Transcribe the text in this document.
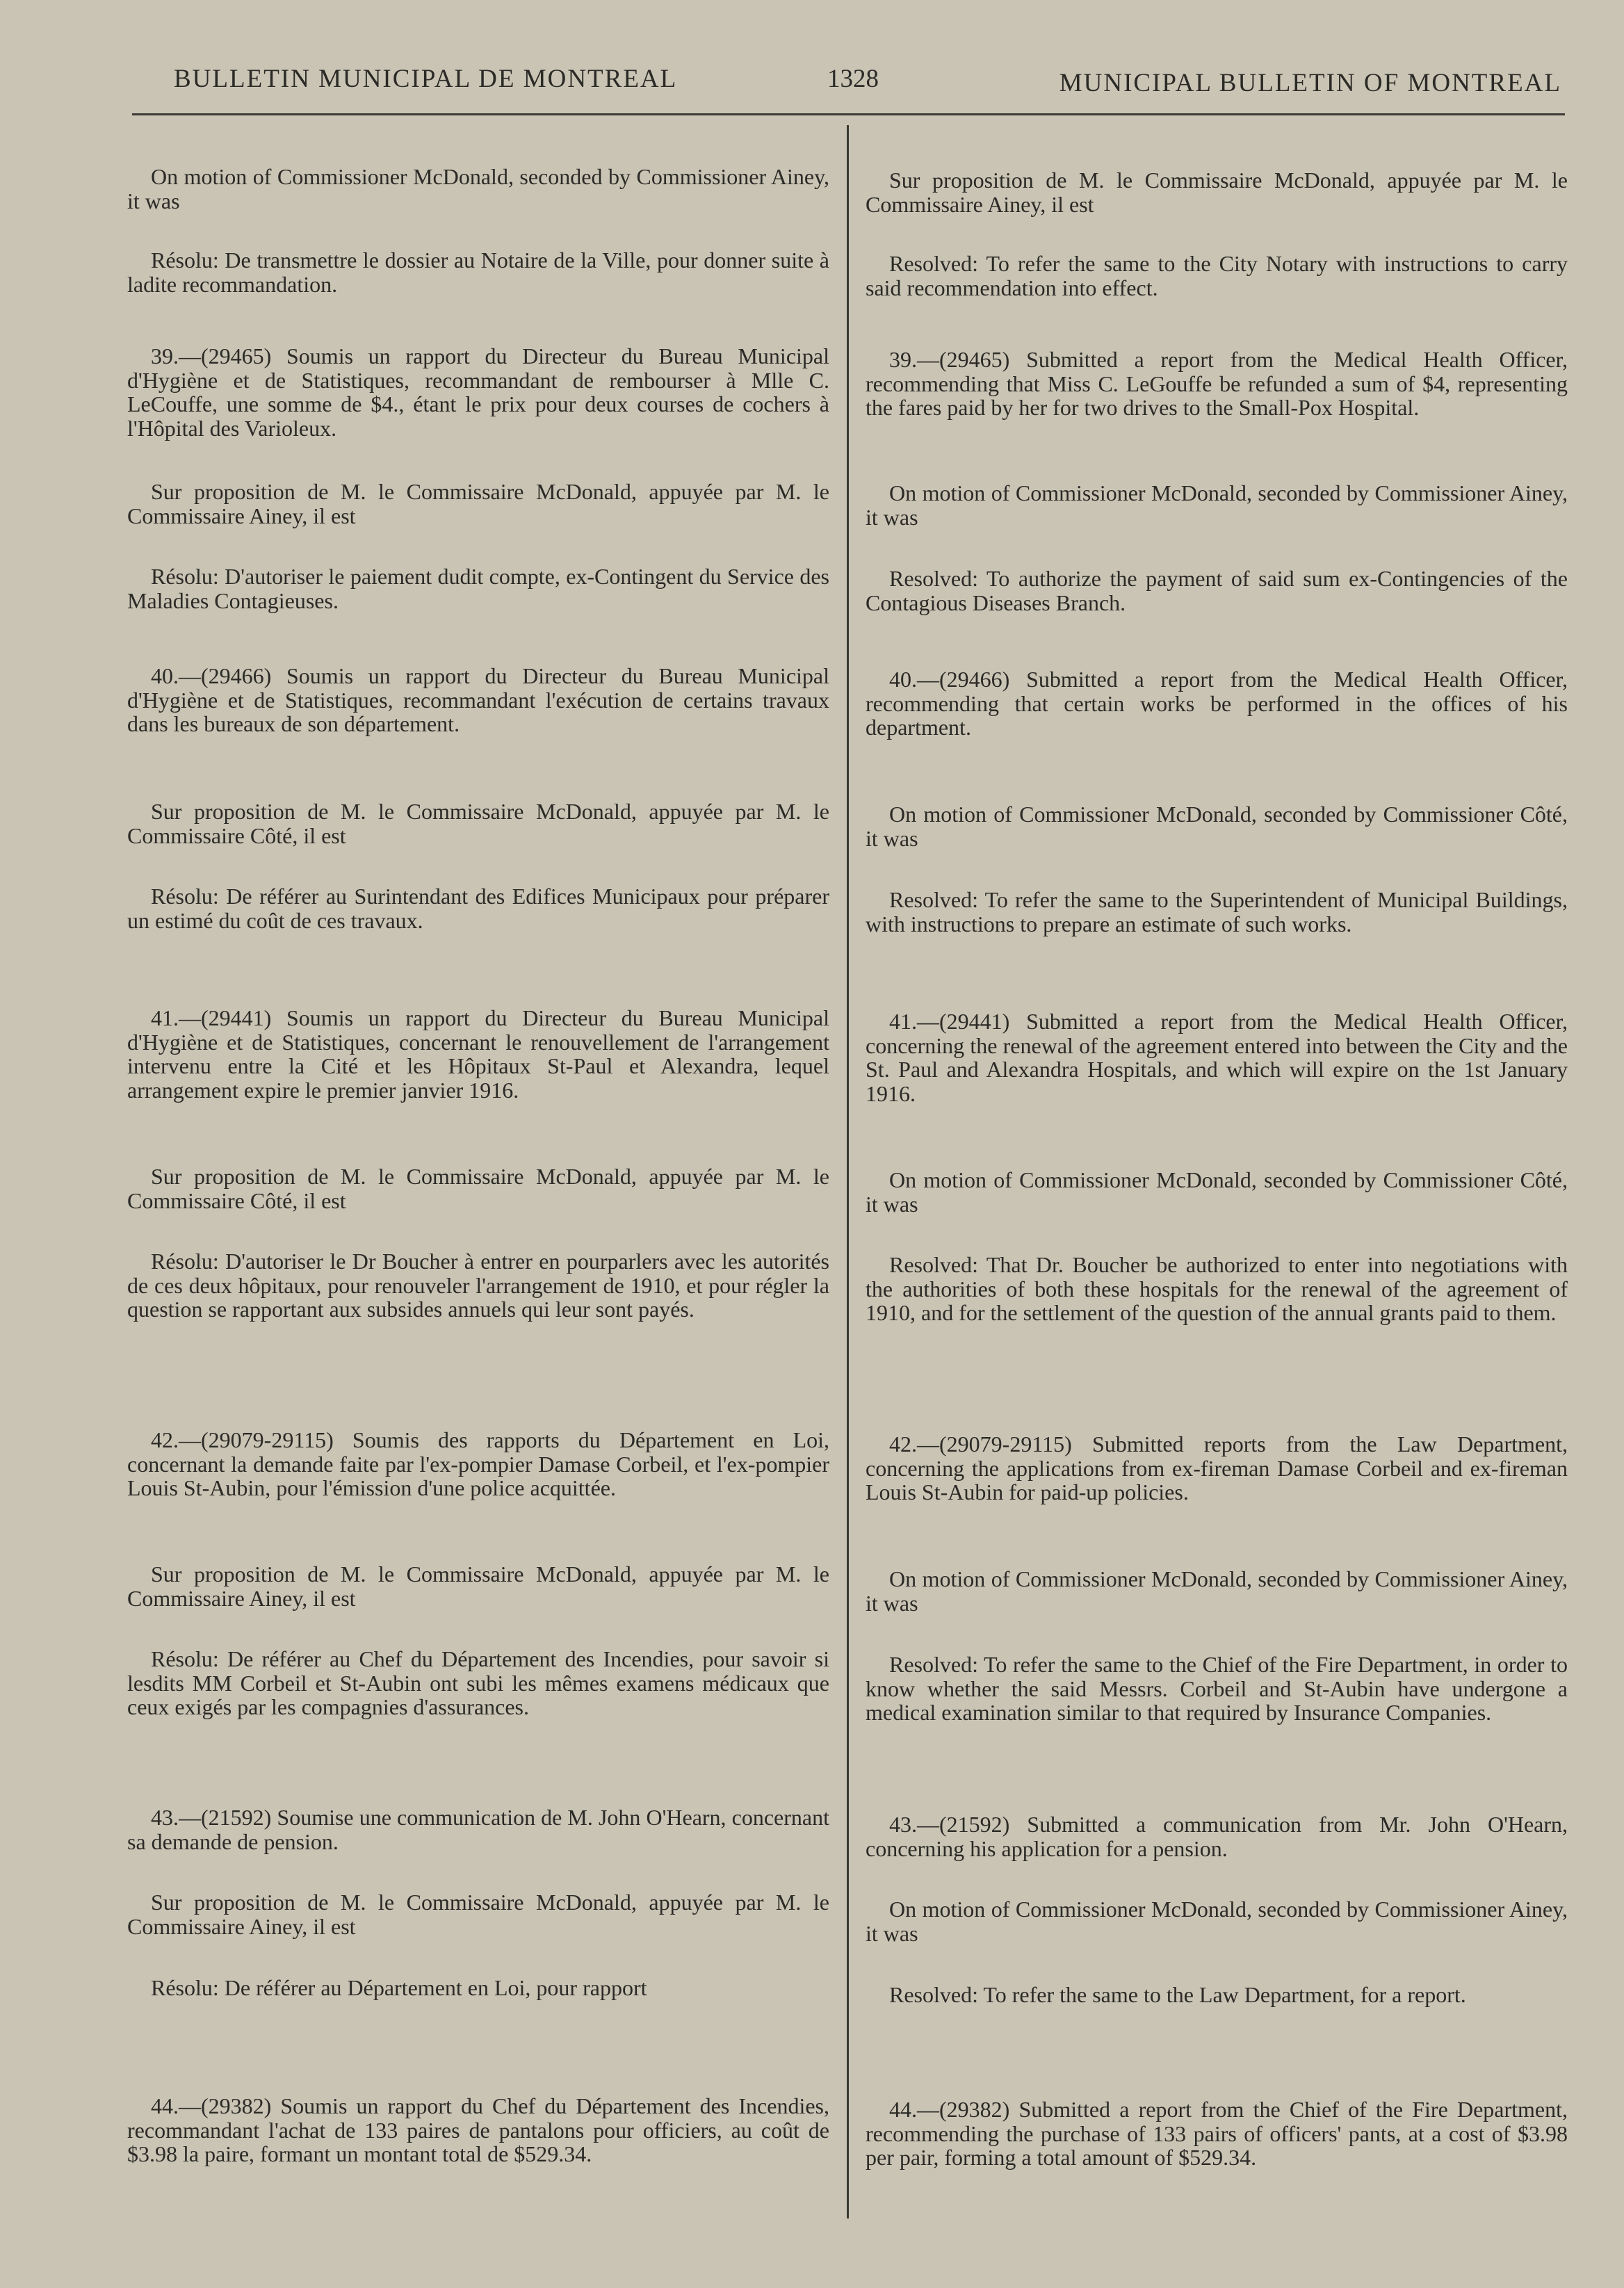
BULLETIN MUNICIPAL DE MONTREAL	1328	MUNICIPAL BULLETIN OF MONTREAL

On motion of Commissioner McDonald, seconded by Commissioner Ainey, it was

Résolu: De transmettre le dossier au Notaire de la Ville, pour donner suite à ladite recommandation.

39.—(29465) Soumis un rapport du Directeur du Bureau Municipal d'Hygiène et de Statistiques, recommandant de rembourser à Mlle C. LeCouffe, une somme de $4., étant le prix pour deux courses de cochers à l'Hôpital des Varioleux.

Sur proposition de M. le Commissaire McDonald, appuyée par M. le Commissaire Ainey, il est

Résolu: D'autoriser le paiement dudit compte, ex-Contingent du Service des Maladies Contagieuses.

40.—(29466) Soumis un rapport du Directeur du Bureau Municipal d'Hygiène et de Statistiques, recommandant l'exécution de certains travaux dans les bureaux de son département.

Sur proposition de M. le Commissaire McDonald, appuyée par M. le Commissaire Côté, il est

Résolu: De référer au Surintendant des Edifices Municipaux pour préparer un estimé du coût de ces travaux.

41.—(29441) Soumis un rapport du Directeur du Bureau Municipal d'Hygiène et de Statistiques, concernant le renouvellement de l'arrangement intervenu entre la Cité et les Hôpitaux St-Paul et Alexandra, lequel arrangement expire le premier janvier 1916.

Sur proposition de M. le Commissaire McDonald, appuyée par M. le Commissaire Côté, il est

Résolu: D'autoriser le Dr Boucher à entrer en pourparlers avec les autorités de ces deux hôpitaux, pour renouveler l'arrangement de 1910, et pour régler la question se rapportant aux subsides annuels qui leur sont payés.

42.—(29079-29115) Soumis des rapports du Département en Loi, concernant la demande faite par l'ex-pompier Damase Corbeil, et l'ex-pompier Louis St-Aubin, pour l'émission d'une police acquittée.

Sur proposition de M. le Commissaire McDonald, appuyée par M. le Commissaire Ainey, il est

Résolu: De référer au Chef du Département des Incendies, pour savoir si lesdits MM Corbeil et St-Aubin ont subi les mêmes examens médicaux que ceux exigés par les compagnies d'assurances.

43.—(21592) Soumise une communication de M. John O'Hearn, concernant sa demande de pension.

Sur proposition de M. le Commissaire McDonald, appuyée par M. le Commissaire Ainey, il est

Résolu: De référer au Département en Loi, pour rapport

44.—(29382) Soumis un rapport du Chef du Département des Incendies, recommandant l'achat de 133 paires de pantalons pour officiers, au coût de $3.98 la paire, formant un montant total de $529.34.

Sur proposition de M. le Commissaire McDonald, appuyée par M. le Commissaire Ainey, il est

Resolved: To refer the same to the City Notary with instructions to carry said recommendation into effect.

39.—(29465) Submitted a report from the Medical Health Officer, recommending that Miss C. LeGouffe be refunded a sum of $4, representing the fares paid by her for two drives to the Small-Pox Hospital.

On motion of Commissioner McDonald, seconded by Commissioner Ainey, it was

Resolved: To authorize the payment of said sum ex-Contingencies of the Contagious Diseases Branch.

40.—(29466) Submitted a report from the Medical Health Officer, recommending that certain works be performed in the offices of his department.

On motion of Commissioner McDonald, seconded by Commissioner Côté, it was

Resolved: To refer the same to the Superintendent of Municipal Buildings, with instructions to prepare an estimate of such works.

41.—(29441) Submitted a report from the Medical Health Officer, concerning the renewal of the agreement entered into between the City and the St. Paul and Alexandra Hospitals, and which will expire on the 1st January 1916.

On motion of Commissioner McDonald, seconded by Commissioner Côté, it was

Resolved: That Dr. Boucher be authorized to enter into negotiations with the authorities of both these hospitals for the renewal of the agreement of 1910, and for the settlement of the question of the annual grants paid to them.

42.—(29079-29115) Submitted reports from the Law Department, concerning the applications from ex-fireman Damase Corbeil and ex-fireman Louis St-Aubin for paid-up policies.

On motion of Commissioner McDonald, seconded by Commissioner Ainey, it was

Resolved: To refer the same to the Chief of the Fire Department, in order to know whether the said Messrs. Corbeil and St-Aubin have undergone a medical examination similar to that required by Insurance Companies.

43.—(21592) Submitted a communication from Mr. John O'Hearn, concerning his application for a pension.

On motion of Commissioner McDonald, seconded by Commissioner Ainey, it was

Resolved: To refer the same to the Law Department, for a report.

44.—(29382) Submitted a report from the Chief of the Fire Department, recommending the purchase of 133 pairs of officers' pants, at a cost of $3.98 per pair, forming a total amount of $529.34.
